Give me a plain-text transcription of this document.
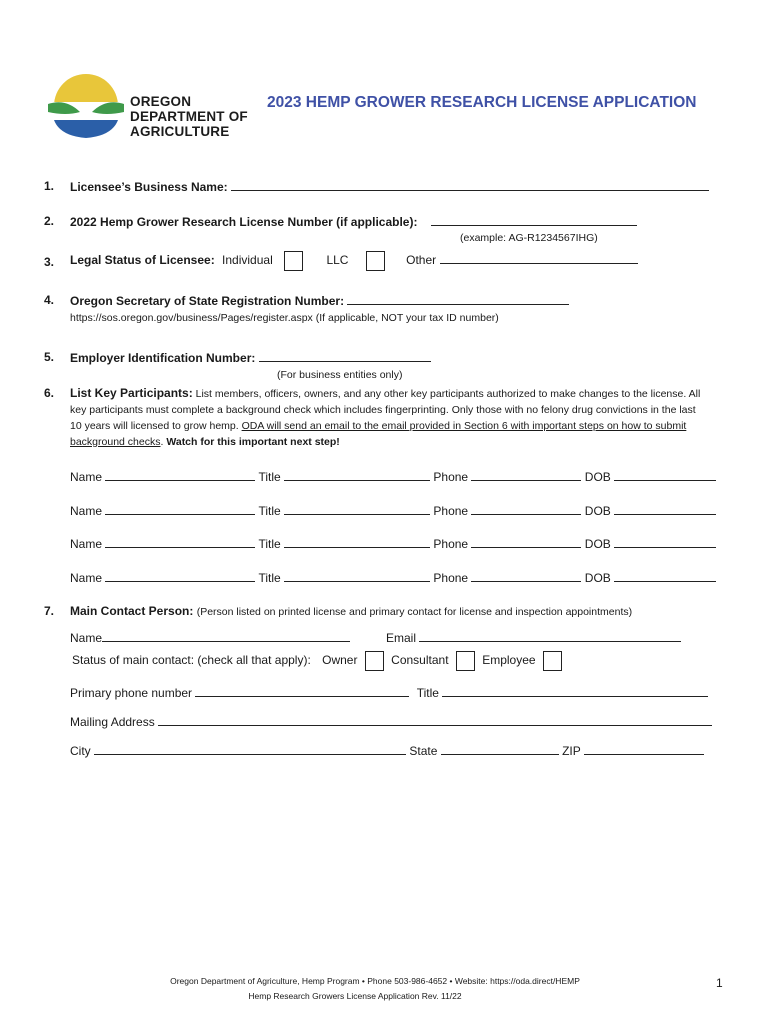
OREGON
DEPARTMENT OF
AGRICULTURE
2023 HEMP GROWER RESEARCH LICENSE APPLICATION
1. Licensee’s Business Name:
2. 2022 Hemp Grower Research License Number (if applicable):
(example: AG-R1234567IHG)
3. Legal Status of Licensee: Individual	LLC	Other
4. Oregon Secretary of State Registration Number:
https://sos.oregon.gov/business/Pages/register.aspx (If applicable, NOT your tax ID number)
5. Employer Identification Number:
(For business entities only)
6. List Key Participants: List members, officers, owners, and any other key participants authorized to make changes to the license. All key participants must complete a background check which includes fingerprinting. Only those with no felony drug convictions in the last 10 years will licensed to grow hemp. ODA will send an email to the email provided in Section 6 with important steps on how to submit background checks. Watch for this important next step!
Name	Title	Phone	DOB
Name	Title	Phone	DOB
Name	Title	Phone	DOB
Name	Title	Phone	DOB
7. Main Contact Person: (Person listed on printed license and primary contact for license and inspection appointments)
Name	Email
Status of main contact: (check all that apply): Owner	Consultant	Employee
Primary phone number	Title
Mailing Address
City	State	ZIP
Oregon Department of Agriculture, Hemp Program • Phone 503-986-4652 • Website: https://oda.direct/HEMP
Hemp Research Growers License Application Rev. 11/22
1
